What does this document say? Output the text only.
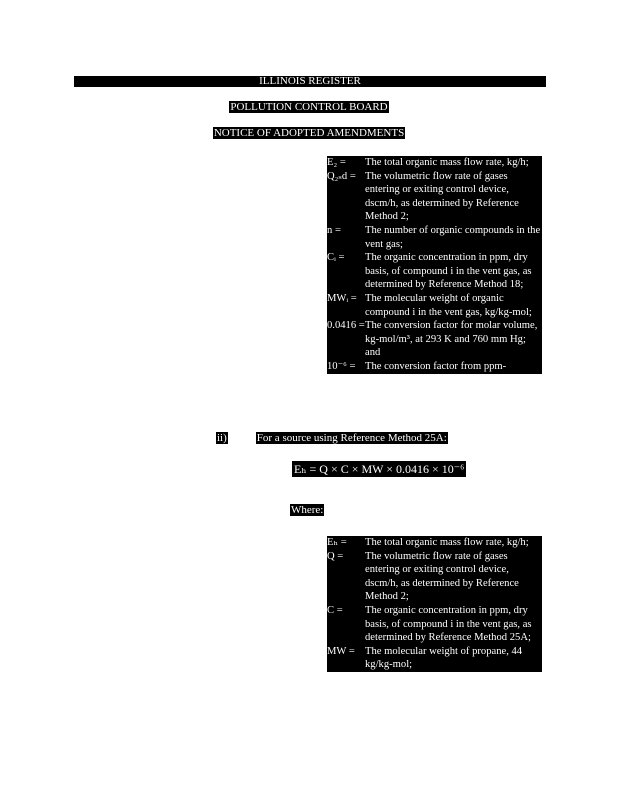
ILLINOIS REGISTER
POLLUTION CONTROL BOARD
NOTICE OF ADOPTED AMENDMENTS
E₂ =	The total organic mass flow rate, kg/h;
Q₂ₛd = The volumetric flow rate of gases entering or exiting control device, dscm/h, as determined by Reference Method 2;
n =	The number of organic compounds in the vent gas;
Cᵢ =	The organic concentration in ppm, dry basis, of compound i in the vent gas, as determined by Reference Method 18;
MWᵢ = The molecular weight of organic compound i in the vent gas, kg/kg-mol;
0.0416 = The conversion factor for molar volume, kg-mol/m³, at 293 K and 760 mm Hg; and
10⁻⁶ = The conversion factor from ppm-
ii)	For a source using Reference Method 25A:
Eₕ = Q × C × MW × 0.0416 × 10⁻⁶
Where:
Eₕ =	The total organic mass flow rate, kg/h;
Q =	The volumetric flow rate of gases entering or exiting control device, dscm/h, as determined by Reference Method 2;
C =	The organic concentration in ppm, dry basis, of compound i in the vent gas, as determined by Reference Method 25A;
MW = The molecular weight of propane, 44 kg/kg-mol;
